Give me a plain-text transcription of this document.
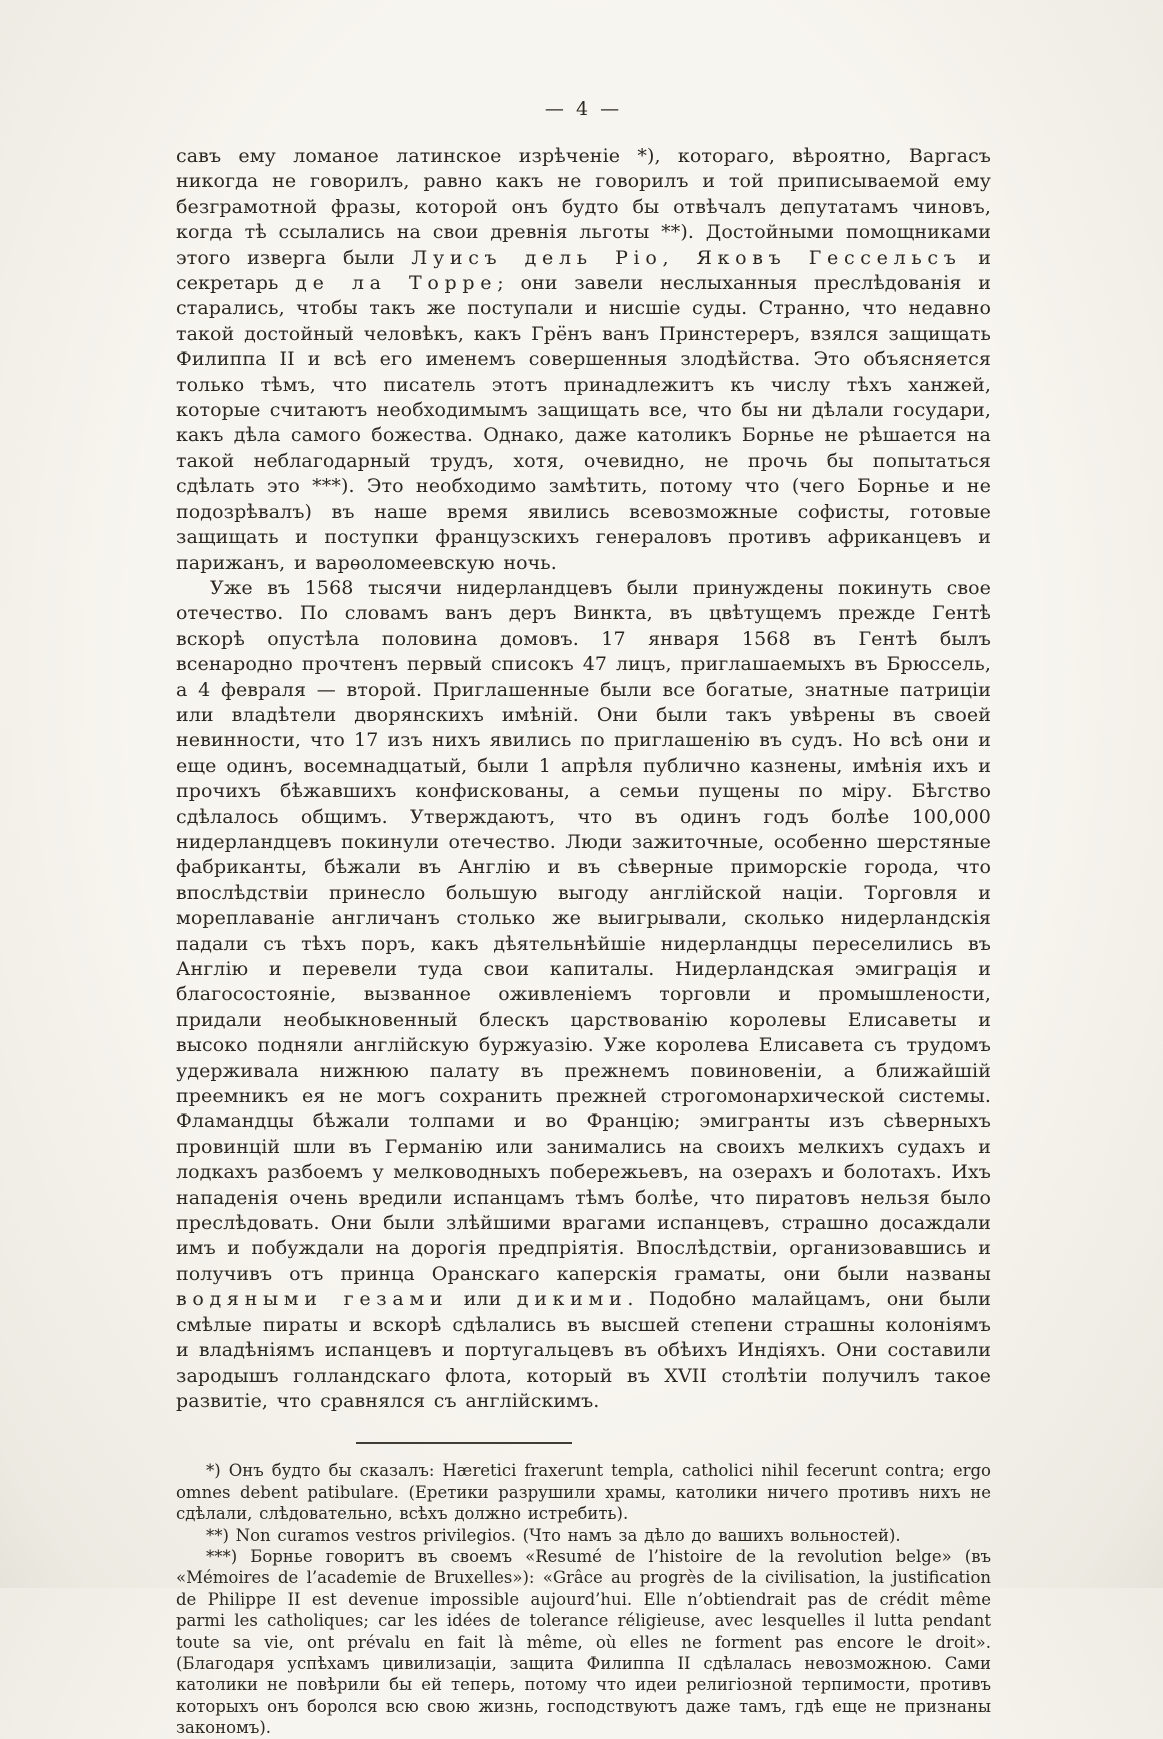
— 4 —

савъ ему ломаное латинское изрѣченіе *), котораго, вѣроятно, Варгасъ никогда не говорилъ, равно какъ не говорилъ и той приписываемой ему безграмотной фразы, которой онъ будто бы отвѣчалъ депутатамъ чиновъ, когда тѣ ссылались на свои древнія льготы **). Достойными помощниками этого изверга были Луисъ дель Ріо, Яковъ Гессельсъ и секретарь де ла Торре; они завели неслыханныя преслѣдованія и старались, чтобы такъ же поступали и нисшіе суды. Странно, что недавно такой достойный человѣкъ, какъ Грёнъ ванъ Принстереръ, взялся защищать Филиппа II и всѣ его именемъ совершенныя злодѣйства. Это объясняется только тѣмъ, что писатель этотъ принадлежитъ къ числу тѣхъ ханжей, которые считаютъ необходимымъ защищать все, что бы ни дѣлали государи, какъ дѣла самого божества. Однако, даже католикъ Борнье не рѣшается на такой неблагодарный трудъ, хотя, очевидно, не прочь бы попытаться сдѣлать это ***). Это необходимо замѣтить, потому что (чего Борнье и не подозрѣвалъ) въ наше время явились всевозможные софисты, готовые защищать и поступки французскихъ генераловъ противъ африканцевъ и парижанъ, и варѳоломеевскую ночь.

Уже въ 1568 тысячи нидерландцевъ были принуждены покинуть свое отечество. По словамъ ванъ деръ Винкта, въ цвѣтущемъ прежде Гентѣ вскорѣ опустѣла половина домовъ. 17 января 1568 въ Гентѣ былъ всенародно прочтенъ первый списокъ 47 лицъ, приглашаемыхъ въ Брюссель, а 4 февраля — второй. Приглашенные были все богатые, знатные патриціи или владѣтели дворянскихъ имѣній. Они были такъ увѣрены въ своей невинности, что 17 изъ нихъ явились по приглашенію въ судъ. Но всѣ они и еще одинъ, восемнадцатый, были 1 апрѣля публично казнены, имѣнія ихъ и прочихъ бѣжавшихъ конфискованы, а семьи пущены по міру. Бѣгство сдѣлалось общимъ. Утверждаютъ, что въ одинъ годъ болѣе 100,000 нидерландцевъ покинули отечество. Люди зажиточные, особенно шерстяные фабриканты, бѣжали въ Англію и въ сѣверные приморскіе города, что впослѣдствіи принесло большую выгоду англійской націи. Торговля и мореплаваніе англичанъ столько же выигрывали, сколько нидерландскія падали съ тѣхъ поръ, какъ дѣятельнѣйшіе нидерландцы переселились въ Англію и перевели туда свои капиталы. Нидерландская эмиграція и благосостояніе, вызванное оживленіемъ торговли и промышлености, придали необыкновенный блескъ царствованію королевы Елисаветы и высоко подняли англійскую буржуазію. Уже королева Елисавета съ трудомъ удерживала нижнюю палату въ прежнемъ повиновеніи, а ближайшій преемникъ ея не могъ сохранить прежней строгомонархической системы. Фламандцы бѣжали толпами и во Францію; эмигранты изъ сѣверныхъ провинцій шли въ Германію или занимались на своихъ мелкихъ судахъ и лодкахъ разбоемъ у мелководныхъ побережьевъ, на озерахъ и болотахъ. Ихъ нападенія очень вредили испанцамъ тѣмъ болѣе, что пиратовъ нельзя было преслѣдовать. Они были злѣйшими врагами испанцевъ, страшно досаждали имъ и побуждали на дорогія предпріятія. Впослѣдствіи, организовавшись и получивъ отъ принца Оранскаго каперскія граматы, они были названы водяными гезами или дикими. Подобно малайцамъ, они были смѣлые пираты и вскорѣ сдѣлались въ высшей степени страшны колоніямъ и владѣніямъ испанцевъ и португальцевъ въ обѣихъ Индіяхъ. Они составили зародышъ голландскаго флота, который въ XVII столѣтіи получилъ такое развитіе, что сравнялся съ англійскимъ.

*) Онъ будто бы сказалъ: Hæretici fraxerunt templa, catholici nihil fecerunt contra; ergo omnes debent patibulare. (Еретики разрушили храмы, католики ничего противъ нихъ не сдѣлали, слѣдовательно, всѣхъ должно истребить).

**) Non curamos vestros privilegios. (Что намъ за дѣло до вашихъ вольностей).

***) Борнье говоритъ въ своемъ «Resumé de l’histoire de la revolution belge» (въ «Mémoires de l’academie de Bruxelles»): «Grâce au progrès de la civilisation, la justification de Philippe II est devenue impossible aujourd’hui. Elle n’obtiendrait pas de crédit même parmi les catholiques; car les idées de tolerance réligieuse, avec lesquelles il lutta pendant toute sa vie, ont prévalu en fait là même, où elles ne forment pas encore le droit». (Благодаря успѣхамъ цивилизаціи, защита Филиппа II сдѣлалась невозможною. Сами католики не повѣрили бы ей теперь, потому что идеи религіозной терпимости, противъ которыхъ онъ боролся всю свою жизнь, господствуютъ даже тамъ, гдѣ еще не признаны закономъ).
